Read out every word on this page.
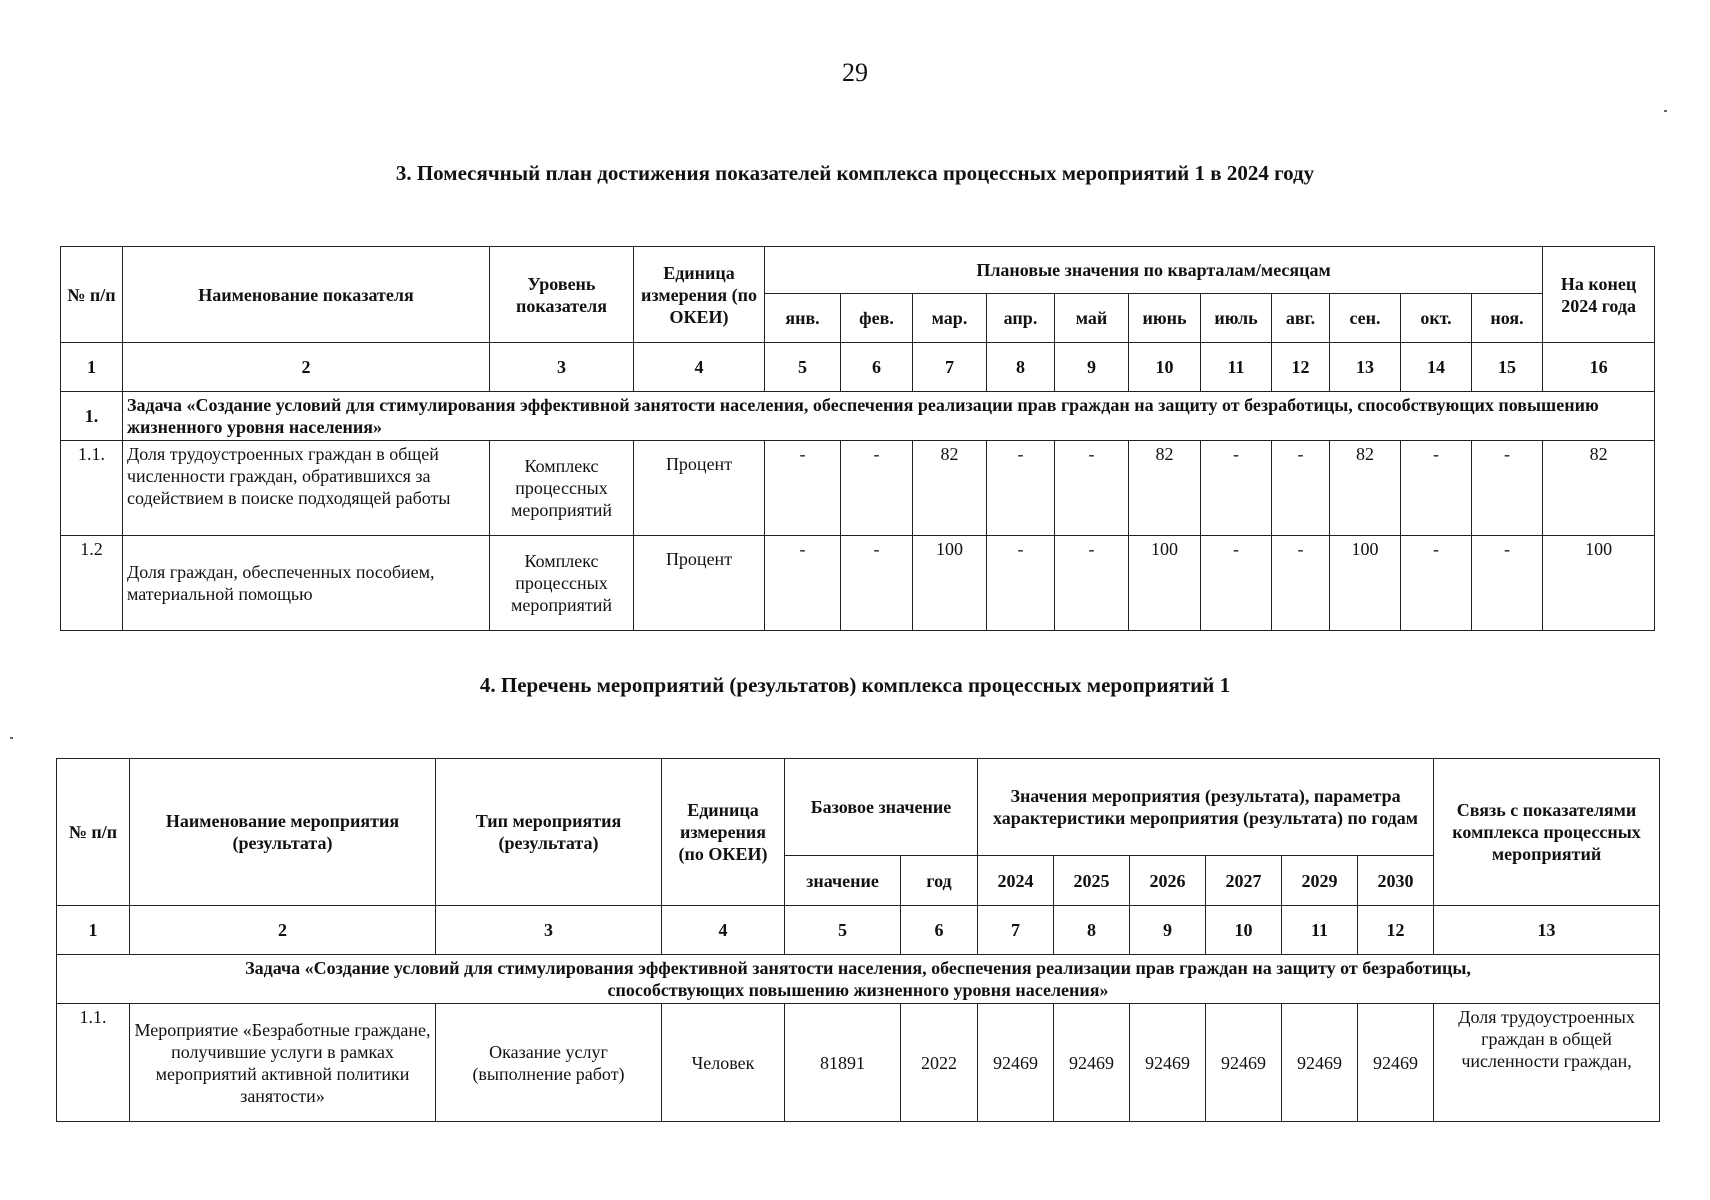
29
3. Помесячный план достижения показателей комплекса процессных мероприятий 1 в 2024 году
№ п/п	Наименование показателя	Уровень показателя	Единица измерения (по ОКЕИ)	Плановые значения по кварталам/месяцам											На конец 2024 года
				янв.	фев.	мар.	апр.	май	июнь	июль	авг.	сен.	окт.	ноя.	
1	2	3	4	5	6	7	8	9	10	11	12	13	14	15	16
1.	Задача «Создание условий для стимулирования эффективной занятости населения, обеспечения реализации прав граждан на защиту от безработицы, способствующих повышению жизненного уровня населения»														
1.1.	Доля трудоустроенных граждан в общей численности граждан, обратившихся за содействием в поиске подходящей работы	Комплекс процессных мероприятий	Процент	-	-	82	-	-	82	-	-	82	-	-	82
1.2	Доля граждан, обеспеченных пособием, материальной помощью	Комплекс процессных мероприятий	Процент	-	-	100	-	-	100	-	-	100	-	-	100
4. Перечень мероприятий (результатов) комплекса процессных мероприятий 1
№ п/п	Наименование мероприятия (результата)	Тип мероприятия (результата)	Единица измерения (по ОКЕИ)	Базовое значение		Значения мероприятия (результата), параметра характеристики мероприятия (результата) по годам						Связь с показателями комплекса процессных мероприятий
				значение	год	2024	2025	2026	2027	2029	2030	
1	2	3	4	5	6	7	8	9	10	11	12	13
Задача «Создание условий для стимулирования эффективной занятости населения, обеспечения реализации прав граждан на защиту от безработицы, способствующих повышению жизненного уровня населения»												
1.1.	Мероприятие «Безработные граждане, получившие услуги в рамках мероприятий активной политики занятости»	Оказание услуг (выполнение работ)	Человек	81891	2022	92469	92469	92469	92469	92469	92469	Доля трудоустроенных граждан в общей численности граждан,
